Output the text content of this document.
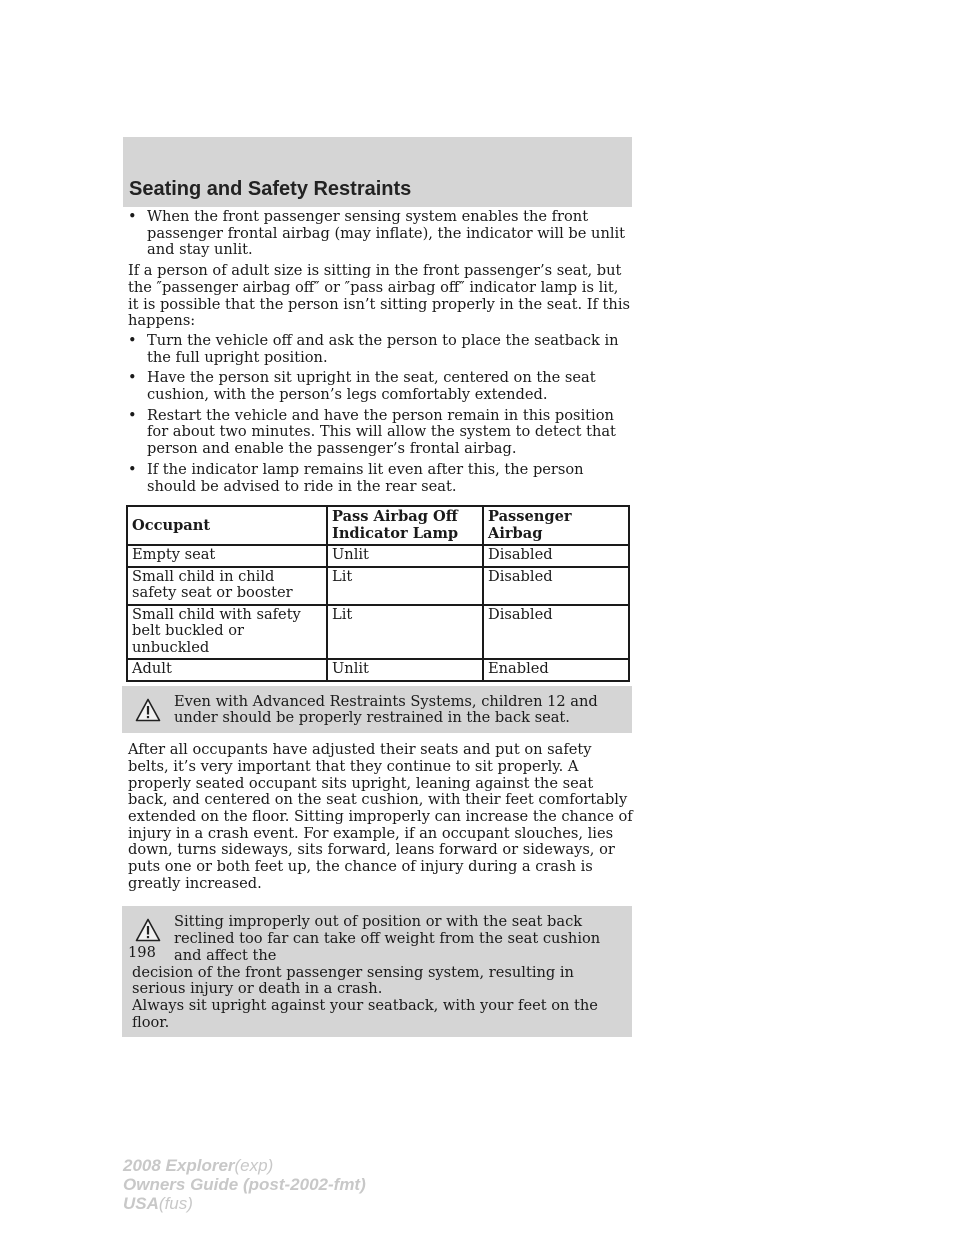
Seating and Safety Restraints
• When the front passenger sensing system enables the front passenger frontal airbag (may inflate), the indicator will be unlit and stay unlit.

If a person of adult size is sitting in the front passenger’s seat, but the ″passenger airbag off″ or ″pass airbag off″ indicator lamp is lit, it is possible that the person isn’t sitting properly in the seat. If this happens:

• Turn the vehicle off and ask the person to place the seatback in the full upright position.
• Have the person sit upright in the seat, centered on the seat cushion, with the person’s legs comfortably extended.
• Restart the vehicle and have the person remain in this position for about two minutes. This will allow the system to detect that person and enable the passenger’s frontal airbag.
• If the indicator lamp remains lit even after this, the person should be advised to ride in the rear seat.
Occupant	Pass Airbag Off Indicator Lamp	Passenger Airbag
Empty seat	Unlit	Disabled
Small child in child safety seat or booster	Lit	Disabled
Small child with safety belt buckled or unbuckled	Lit	Disabled
Adult	Unlit	Enabled

Even with Advanced Restraints Systems, children 12 and under should be properly restrained in the back seat.

After all occupants have adjusted their seats and put on safety belts, it’s very important that they continue to sit properly. A properly seated occupant sits upright, leaning against the seat back, and centered on the seat cushion, with their feet comfortably extended on the floor. Sitting improperly can increase the chance of injury in a crash event. For example, if an occupant slouches, lies down, turns sideways, sits forward, leans forward or sideways, or puts one or both feet up, the chance of injury during a crash is greatly increased.

Sitting improperly out of position or with the seat back reclined too far can take off weight from the seat cushion and affect the

decision of the front passenger sensing system, resulting in serious injury or death in a crash.

Always sit upright against your seatback, with your feet on the floor.

198
2008 Explorer(exp)
Owners Guide (post-2002-fmt)
USA(fus)
